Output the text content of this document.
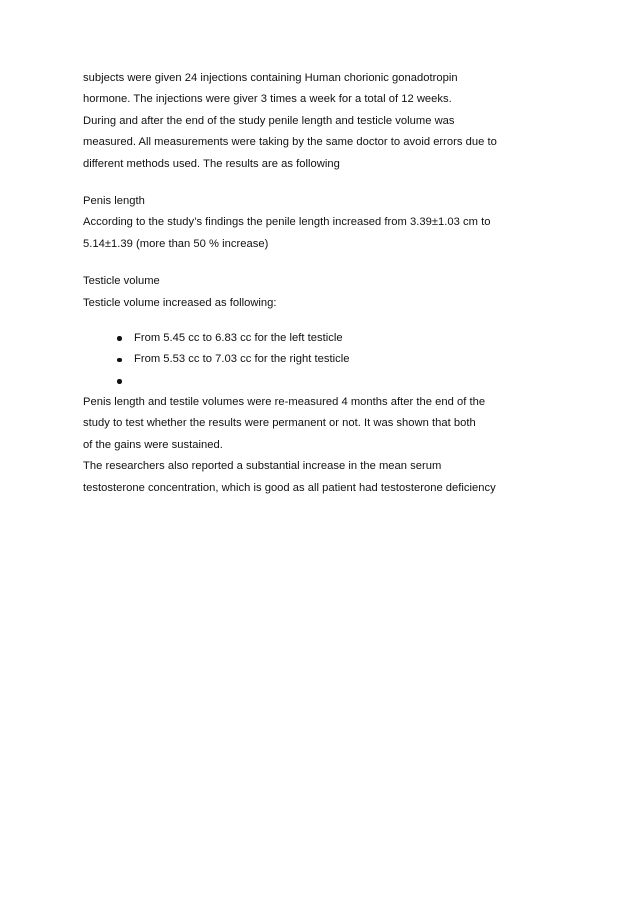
subjects were given 24 injections containing Human chorionic gonadotropin
hormone. The injections were giver 3 times a week for a total of 12 weeks.
During and after the end of the study penile length and testicle volume was
measured. All measurements were taking by the same doctor to avoid errors due to
different methods used. The results are as following
Penis length
According to the study’s findings the penile length increased from 3.39±1.03 cm to
5.14±1.39 (more than 50 % increase)
Testicle volume
Testicle volume increased as following:
From 5.45 cc to 6.83 cc for the left testicle
From 5.53 cc to 7.03 cc for the right testicle
Penis length and testile volumes were re-measured 4 months after the end of the
study to test whether the results were permanent or not. It was shown that both
of the gains were sustained.
The researchers also reported a substantial increase in the mean serum
testosterone concentration, which is good as all patient had testosterone deficiency
